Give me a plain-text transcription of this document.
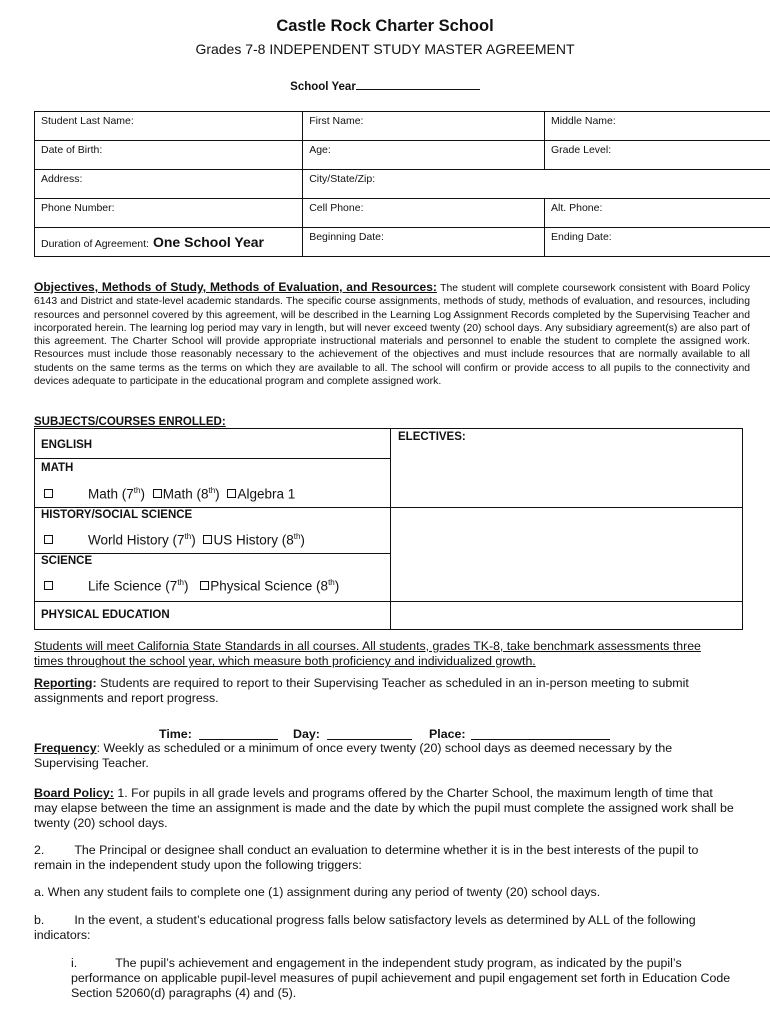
Castle Rock Charter School
Grades 7-8 INDEPENDENT STUDY MASTER AGREEMENT
School Year
Student Last Name:	First Name:	Middle Name:
Date of Birth:	Age:	Grade Level:
Address:	City/State/Zip:	
Phone Number:	Cell Phone:	Alt. Phone:
Duration of Agreement: One School Year	Beginning Date:	Ending Date:
Objectives, Methods of Study, Methods of Evaluation, and Resources: The student will complete coursework consistent with Board Policy 6143 and District and state-level academic standards. The specific course assignments, methods of study, methods of evaluation, and resources, including resources and personnel covered by this agreement, will be described in the Learning Log Assignment Records completed by the Supervising Teacher and incorporated herein. The learning log period may vary in length, but will never exceed twenty (20) school days. Any subsidiary agreement(s) are also part of this agreement. The Charter School will provide appropriate instructional materials and personnel to enable the student to complete the assigned work. Resources must include those reasonably necessary to the achievement of the objectives and must include resources that are normally available to all students on the same terms as the terms on which they are available to all. The school will confirm or provide access to all pupils to the connectivity and devices adequate to participate in the educational program and complete assigned work.
SUBJECTS/COURSES ENROLLED:
ELECTIVES:
ENGLISH
MATH
Math (7th) Math (8th) Algebra 1
HISTORY/SOCIAL SCIENCE
World History (7th) US History (8th)
SCIENCE
Life Science (7th) Physical Science (8th)
PHYSICAL EDUCATION
Students will meet California State Standards in all courses. All students, grades TK-8, take benchmark assessments three times throughout the school year, which measure both proficiency and individualized growth.
Reporting: Students are required to report to their Supervising Teacher as scheduled in an in-person meeting to submit assignments and report progress.
Time:	Day:	Place:
Frequency: Weekly as scheduled or a minimum of once every twenty (20) school days as deemed necessary by the Supervising Teacher.
Board Policy: 1. For pupils in all grade levels and programs offered by the Charter School, the maximum length of time that may elapse between the time an assignment is made and the date by which the pupil must complete the assigned work shall be twenty (20) school days.
2. The Principal or designee shall conduct an evaluation to determine whether it is in the best interests of the pupil to remain in the independent study upon the following triggers:
a. When any student fails to complete one (1) assignment during any period of twenty (20) school days.
b. In the event, a student’s educational progress falls below satisfactory levels as determined by ALL of the following indicators:
i.	The pupil’s achievement and engagement in the independent study program, as indicated by the pupil’s performance on applicable pupil-level measures of pupil achievement and pupil engagement set forth in Education Code Section 52060(d) paragraphs (4) and (5).
